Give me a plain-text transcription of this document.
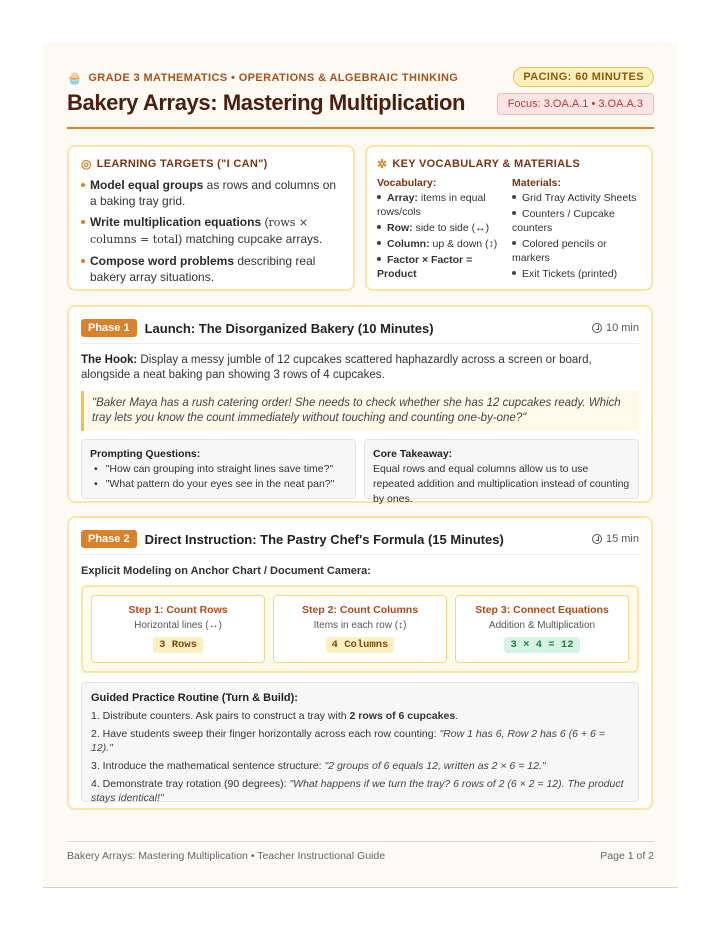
🧁 GRADE 3 MATHEMATICS • OPERATIONS & ALGEBRAIC THINKING
Bakery Arrays: Mastering Multiplication
PACING: 60 MINUTES
Focus: 3.OA.A.1 • 3.OA.A.3
◎ LEARNING TARGETS ("I CAN")
Model equal groups as rows and columns on a baking tray grid.
Write multiplication equations (rows × columns = total) matching cupcake arrays.
Compose word problems describing real bakery array situations.
✲ KEY VOCABULARY & MATERIALS
Vocabulary:
Array: items in equal rows/cols
Row: side to side (↔)
Column: up & down (↕)
Factor × Factor = Product
Materials:
Grid Tray Activity Sheets
Counters / Cupcake counters
Colored pencils or markers
Exit Tickets (printed)
Phase 1	Launch: The Disorganized Bakery (10 Minutes)	10 min
The Hook: Display a messy jumble of 12 cupcakes scattered haphazardly across a screen or board, alongside a neat baking pan showing 3 rows of 4 cupcakes.
"Baker Maya has a rush catering order! She needs to check whether she has 12 cupcakes ready. Which tray lets you know the count immediately without touching and counting one-by-one?"
Prompting Questions:
• "How can grouping into straight lines save time?"
• "What pattern do your eyes see in the neat pan?"
Core Takeaway:
Equal rows and equal columns allow us to use repeated addition and multiplication instead of counting by ones.
Phase 2	Direct Instruction: The Pastry Chef's Formula (15 Minutes)	15 min
Explicit Modeling on Anchor Chart / Document Camera:
Step 1: Count Rows
Horizontal lines (↔)
3 Rows
Step 2: Count Columns
Items in each row (↕)
4 Columns
Step 3: Connect Equations
Addition & Multiplication
3 × 4 = 12
Guided Practice Routine (Turn & Build):

1. Distribute counters. Ask pairs to construct a tray with 2 rows of 6 cupcakes.

2. Have students sweep their finger horizontally across each row counting: "Row 1 has 6, Row 2 has 6 (6 + 6 = 12)."

3. Introduce the mathematical sentence structure: "2 groups of 6 equals 12, written as 2 × 6 = 12."

4. Demonstrate tray rotation (90 degrees): "What happens if we turn the tray? 6 rows of 2 (6 × 2 = 12). The product stays identical!"

Bakery Arrays: Mastering Multiplication • Teacher Instructional Guide	Page 1 of 2
